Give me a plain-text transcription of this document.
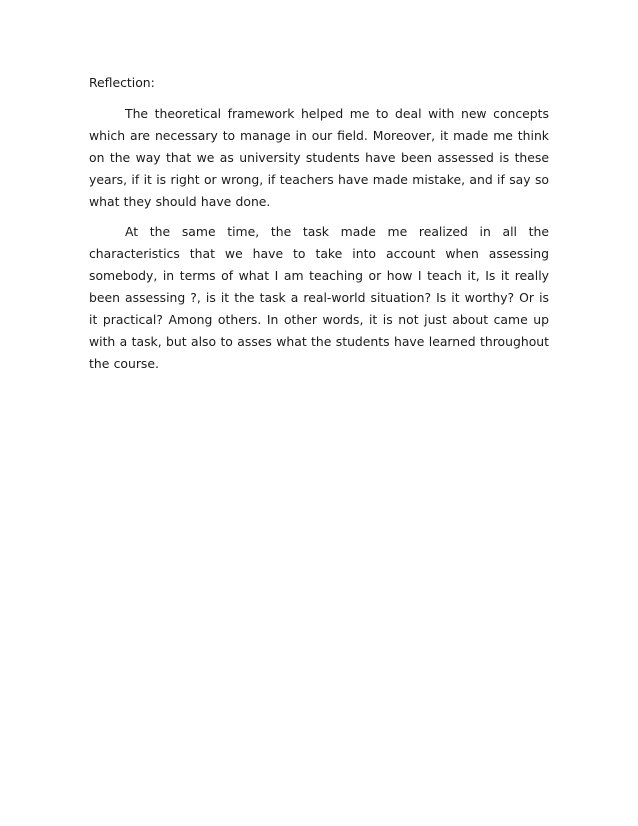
Reflection:

The theoretical framework helped me to deal with new concepts which are necessary to manage in our field. Moreover, it made me think on the way that we as university students have been assessed is these years, if it is right or wrong, if teachers have made mistake, and if say so what they should have done.

At the same time, the task made me realized in all the characteristics that we have to take into account when assessing somebody, in terms of what I am teaching or how I teach it, Is it really been assessing ?, is it the task a real-world situation? Is it worthy? Or is it practical? Among others. In other words, it is not just about came up with a task, but also to asses what the students have learned throughout the course.
